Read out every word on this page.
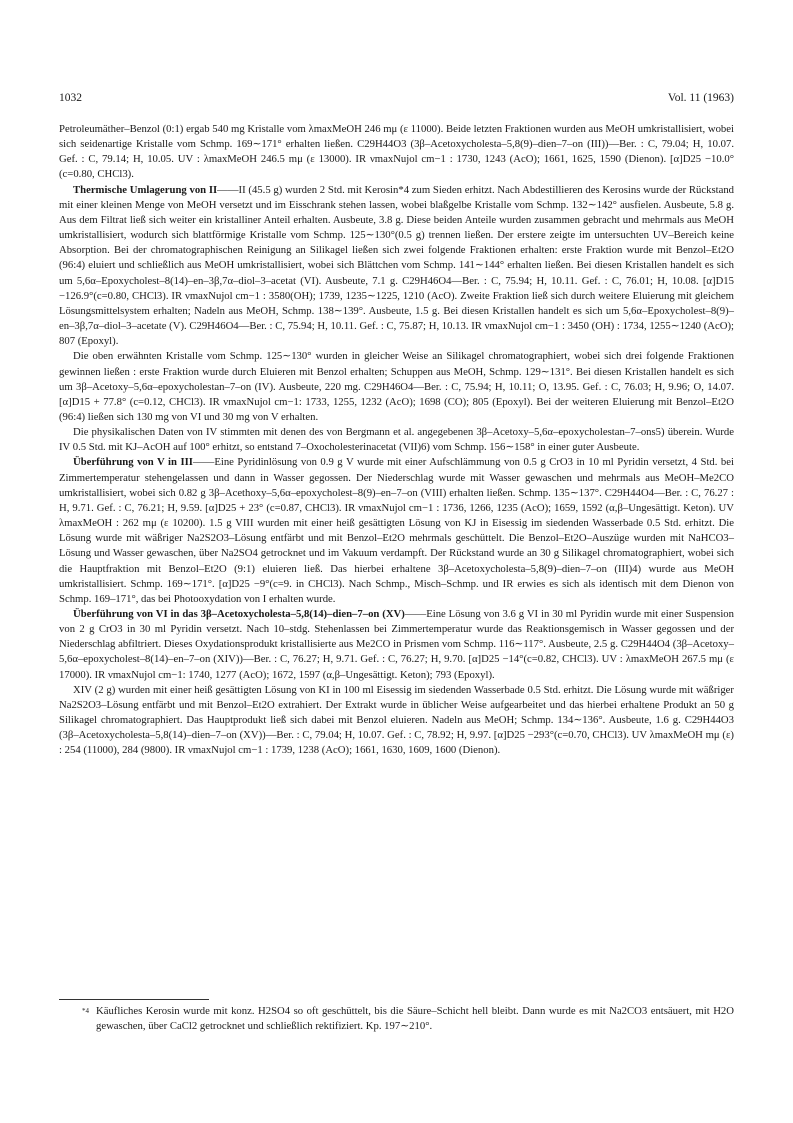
1032	Vol. 11 (1963)

Petroleumäther–Benzol (0:1) ergab 540 mg Kristalle vom λmaxMeOH 246 mμ (ε 11000). Beide letzten Fraktionen wurden aus MeOH umkristallisiert, wobei sich seidenartige Kristalle vom Schmp. 169∼171° erhalten ließen. C29H44O3 (3β–Acetoxycholesta–5,8(9)–dien–7–on (III))—Ber. : C, 79.04; H, 10.07. Gef. : C, 79.14; H, 10.05. UV : λmaxMeOH 246.5 mμ (ε 13000). IR νmaxNujol cm−1 : 1730, 1243 (AcO); 1661, 1625, 1590 (Dienon). [α]D25 −10.0°(c=0.80, CHCl3).

Thermische Umlagerung von II——II (45.5 g) wurden 2 Std. mit Kerosin*4 zum Sieden erhitzt. Nach Abdestillieren des Kerosins wurde der Rückstand mit einer kleinen Menge von MeOH versetzt und im Eisschrank stehen lassen, wobei blaßgelbe Kristalle vom Schmp. 132∼142° ausfielen. Ausbeute, 5.8 g. Aus dem Filtrat ließ sich weiter ein kristalliner Anteil erhalten. Ausbeute, 3.8 g. Diese beiden Anteile wurden zusammen gebracht und mehrmals aus MeOH umkristallisiert, wodurch sich blattförmige Kristalle vom Schmp. 125∼130°(0.5 g) trennen ließen. Der erstere zeigte im untersuchten UV–Bereich keine Absorption. Bei der chromatographischen Reinigung an Silikagel ließen sich zwei folgende Fraktionen erhalten: erste Fraktion wurde mit Benzol–Et2O (96:4) eluiert und schließlich aus MeOH umkristallisiert, wobei sich Blättchen vom Schmp. 141∼144° erhalten ließen. Bei diesen Kristallen handelt es sich um 5,6α–Epoxycholest–8(14)–en–3β,7α–diol–3–acetat (VI). Ausbeute, 7.1 g. C29H46O4—Ber. : C, 75.94; H, 10.11. Gef. : C, 76.01; H, 10.08. [α]D15 −126.9°(c=0.80, CHCl3). IR νmaxNujol cm−1 : 3580(OH); 1739, 1235∼1225, 1210 (AcO). Zweite Fraktion ließ sich durch weitere Eluierung mit gleichem Lösungsmittelsystem erhalten; Nadeln aus MeOH, Schmp. 138∼139°. Ausbeute, 1.5 g. Bei diesen Kristallen handelt es sich um 5,6α–Epoxycholest–8(9)–en–3β,7α–diol–3–acetate (V). C29H46O4—Ber. : C, 75.94; H, 10.11. Gef. : C, 75.87; H, 10.13. IR νmaxNujol cm−1 : 3450 (OH) : 1734, 1255∼1240 (AcO); 807 (Epoxyl).

Die oben erwähnten Kristalle vom Schmp. 125∼130° wurden in gleicher Weise an Silikagel chromatographiert, wobei sich drei folgende Fraktionen gewinnen ließen : erste Fraktion wurde durch Eluieren mit Benzol erhalten; Schuppen aus MeOH, Schmp. 129∼131°. Bei diesen Kristallen handelt es sich um 3β–Acetoxy–5,6α–epoxycholestan–7–on (IV). Ausbeute, 220 mg. C29H46O4—Ber. : C, 75.94; H, 10.11; O, 13.95. Gef. : C, 76.03; H, 9.96; O, 14.07. [α]D15 + 77.8° (c=0.12, CHCl3). IR νmaxNujol cm−1: 1733, 1255, 1232 (AcO); 1698 (CO); 805 (Epoxyl). Bei der weiteren Eluierung mit Benzol–Et2O (96:4) ließen sich 130 mg von VI und 30 mg von V erhalten.

Die physikalischen Daten von IV stimmten mit denen des von Bergmann et al. angegebenen 3β–Acetoxy–5,6α–epoxycholestan–7–ons5) überein. Wurde IV 0.5 Std. mit KJ–AcOH auf 100° erhitzt, so entstand 7–Oxocholesterinacetat (VII)6) vom Schmp. 156∼158° in einer guter Ausbeute.

Überführung von V in III——Eine Pyridinlösung von 0.9 g V wurde mit einer Aufschlämmung von 0.5 g CrO3 in 10 ml Pyridin versetzt, 4 Std. bei Zimmertemperatur stehengelassen und dann in Wasser gegossen. Der Niederschlag wurde mit Wasser gewaschen und mehrmals aus MeOH–Me2CO umkristallisiert, wobei sich 0.82 g 3β–Acethoxy–5,6α–epoxycholest–8(9)–en–7–on (VIII) erhalten ließen. Schmp. 135∼137°. C29H44O4—Ber. : C, 76.27 : H, 9.71. Gef. : C, 76.21; H, 9.59. [α]D25 + 23° (c=0.87, CHCl3). IR νmaxNujol cm−1 : 1736, 1266, 1235 (AcO); 1659, 1592 (α,β–Ungesättigt. Keton). UV λmaxMeOH : 262 mμ (ε 10200). 1.5 g VIII wurden mit einer heiß gesättigten Lösung von KJ in Eisessig im siedenden Wasserbade 0.5 Std. erhitzt. Die Lösung wurde mit wäßriger Na2S2O3–Lösung entfärbt und mit Benzol–Et2O mehrmals geschüttelt. Die Benzol–Et2O–Auszüge wurden mit NaHCO3–Lösung und Wasser gewaschen, über Na2SO4 getrocknet und im Vakuum verdampft. Der Rückstand wurde an 30 g Silikagel chromatographiert, wobei sich die Hauptfraktion mit Benzol–Et2O (9:1) eluieren ließ. Das hierbei erhaltene 3β–Acetoxycholesta–5,8(9)–dien–7–on (III)4) wurde aus MeOH umkristallisiert. Schmp. 169∼171°. [α]D25 −9°(c=9. in CHCl3). Nach Schmp., Misch–Schmp. und IR erwies es sich als identisch mit dem Dienon von Schmp. 169–171°, das bei Photooxydation von I erhalten wurde.

Überführung von VI in das 3β–Acetoxycholesta–5,8(14)–dien–7–on (XV)——Eine Lösung von 3.6 g VI in 30 ml Pyridin wurde mit einer Suspension von 2 g CrO3 in 30 ml Pyridin versetzt. Nach 10–stdg. Stehenlassen bei Zimmertemperatur wurde das Reaktionsgemisch in Wasser gegossen und der Niederschlag abfiltriert. Dieses Oxydationsprodukt kristallisierte aus Me2CO in Prismen vom Schmp. 116∼117°. Ausbeute, 2.5 g. C29H44O4 (3β–Acetoxy–5,6α–epoxycholest–8(14)–en–7–on (XIV))—Ber. : C, 76.27; H, 9.71. Gef. : C, 76.27; H, 9.70. [α]D25 −14°(c=0.82, CHCl3). UV : λmaxMeOH 267.5 mμ (ε 17000). IR νmaxNujol cm−1: 1740, 1277 (AcO); 1672, 1597 (α,β–Ungesättigt. Keton); 793 (Epoxyl).

XIV (2 g) wurden mit einer heiß gesättigten Lösung von KI in 100 ml Eisessig im siedenden Wasserbade 0.5 Std. erhitzt. Die Lösung wurde mit wäßriger Na2S2O3–Lösung entfärbt und mit Benzol–Et2O extrahiert. Der Extrakt wurde in üblicher Weise aufgearbeitet und das hierbei erhaltene Produkt an 50 g Silikagel chromatographiert. Das Hauptprodukt ließ sich dabei mit Benzol eluieren. Nadeln aus MeOH; Schmp. 134∼136°. Ausbeute, 1.6 g. C29H44O3 (3β–Acetoxycholesta–5,8(14)–dien–7–on (XV))—Ber. : C, 79.04; H, 10.07. Gef. : C, 78.92; H, 9.97. [α]D25 −293°(c=0.70, CHCl3). UV λmaxMeOH mμ (ε) : 254 (11000), 284 (9800). IR νmaxNujol cm−1 : 1739, 1238 (AcO); 1661, 1630, 1609, 1600 (Dienon).

*4 Käufliches Kerosin wurde mit konz. H2SO4 so oft geschüttelt, bis die Säure–Schicht hell bleibt. Dann wurde es mit Na2CO3 entsäuert, mit H2O gewaschen, über CaCl2 getrocknet und schließlich rektifiziert. Kp. 197∼210°.
